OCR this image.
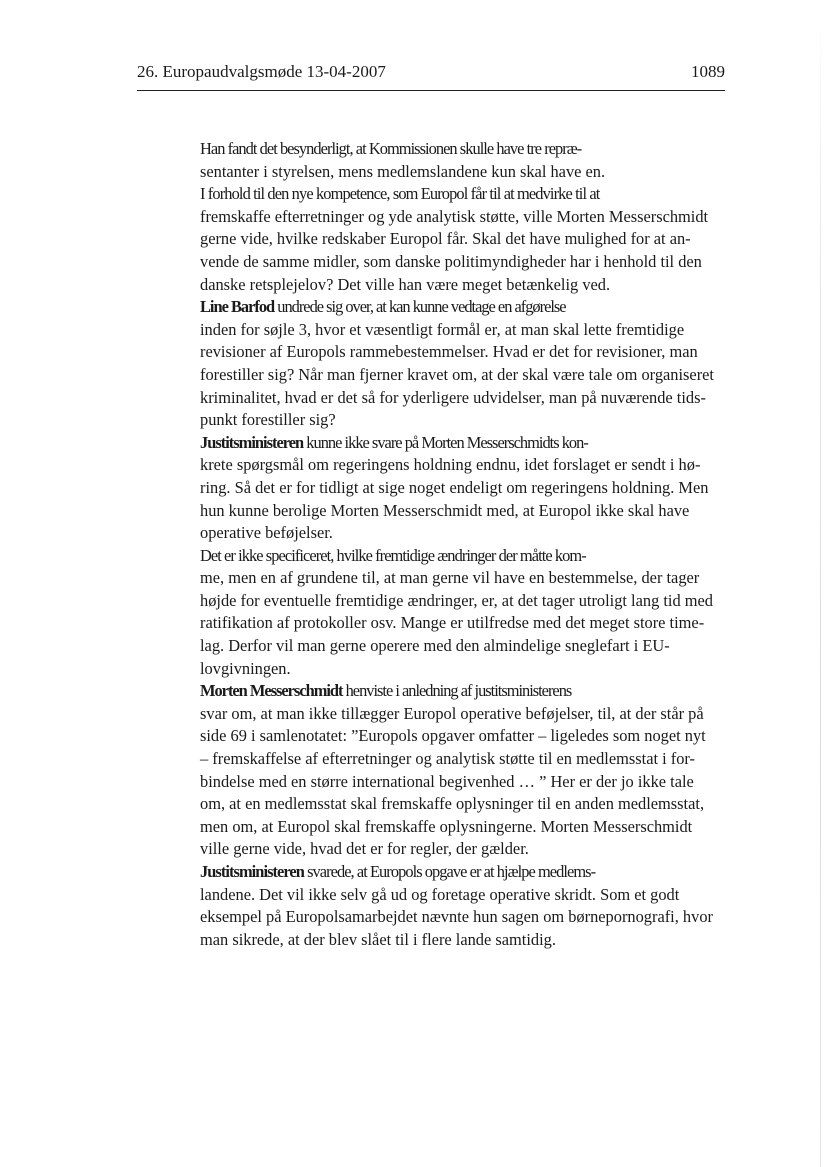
26. Europaudvalgsmøde 13-04-2007	1089

Han fandt det besynderligt, at Kommissionen skulle have tre repræ-
sentanter i styrelsen, mens medlemslandene kun skal have en.

I forhold til den nye kompetence, som Europol får til at medvirke til at
fremskaffe efterretninger og yde analytisk støtte, ville Morten Messerschmidt
gerne vide, hvilke redskaber Europol får. Skal det have mulighed for at an-
vende de samme midler, som danske politimyndigheder har i henhold til den
danske retsplejelov? Det ville han være meget betænkelig ved.

Line Barfod undrede sig over, at kan kunne vedtage en afgørelse
inden for søjle 3, hvor et væsentligt formål er, at man skal lette fremtidige
revisioner af Europols rammebestemmelser. Hvad er det for revisioner, man
forestiller sig? Når man fjerner kravet om, at der skal være tale om organiseret
kriminalitet, hvad er det så for yderligere udvidelser, man på nuværende tids-
punkt forestiller sig?

Justitsministeren kunne ikke svare på Morten Messerschmidts kon-
krete spørgsmål om regeringens holdning endnu, idet forslaget er sendt i hø-
ring. Så det er for tidligt at sige noget endeligt om regeringens holdning. Men
hun kunne berolige Morten Messerschmidt med, at Europol ikke skal have
operative beføjelser.

Det er ikke specificeret, hvilke fremtidige ændringer der måtte kom-
me, men en af grundene til, at man gerne vil have en bestemmelse, der tager
højde for eventuelle fremtidige ændringer, er, at det tager utroligt lang tid med
ratifikation af protokoller osv. Mange er utilfredse med det meget store time-
lag. Derfor vil man gerne operere med den almindelige sneglefart i EU-
lovgivningen.

Morten Messerschmidt henviste i anledning af justitsministerens
svar om, at man ikke tillægger Europol operative beføjelser, til, at der står på
side 69 i samlenotatet: ”Europols opgaver omfatter – ligeledes som noget nyt
– fremskaffelse af efterretninger og analytisk støtte til en medlemsstat i for-
bindelse med en større international begivenhed … ” Her er der jo ikke tale
om, at en medlemsstat skal fremskaffe oplysninger til en anden medlemsstat,
men om, at Europol skal fremskaffe oplysningerne. Morten Messerschmidt
ville gerne vide, hvad det er for regler, der gælder.

Justitsministeren svarede, at Europols opgave er at hjælpe medlems-
landene. Det vil ikke selv gå ud og foretage operative skridt. Som et godt
eksempel på Europolsamarbejdet nævnte hun sagen om børnepornografi, hvor
man sikrede, at der blev slået til i flere lande samtidig.
